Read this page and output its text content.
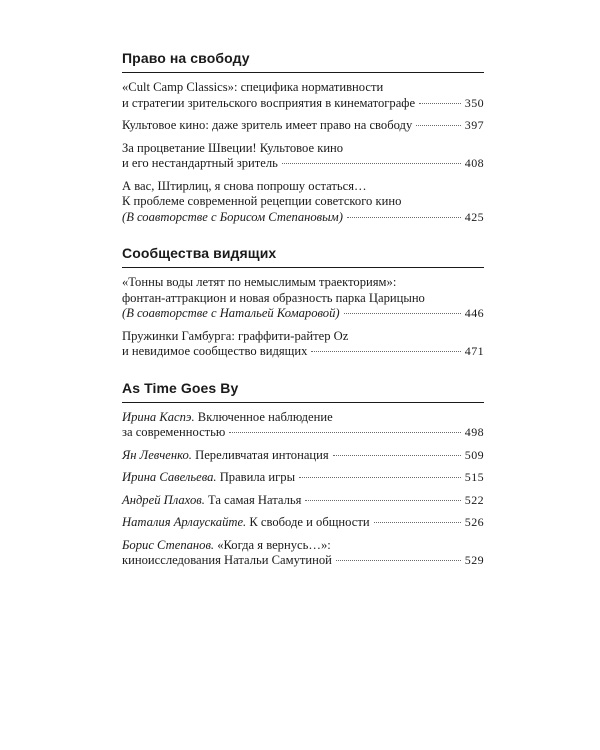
Право на свободу
«Cult Camp Classics»: специфика нормативности
и стратегии зрительского восприятия в кинематографе	350
Культовое кино: даже зритель имеет право на свободу	397
За процветание Швеции! Культовое кино
и его нестандартный зритель	408
А вас, Штирлиц, я снова попрошу остаться…
К проблеме современной рецепции советского кино
(В соавторстве с Борисом Степановым)	425
Сообщества видящих
«Тонны воды летят по немыслимым траекториям»:
фонтан-аттракцион и новая образность парка Царицыно
(В соавторстве с Натальей Комаровой)	446
Пружинки Гамбурга: граффити-райтер Oz
и невидимое сообщество видящих	471
As Time Goes By
Ирина Каспэ. Включенное наблюдение
за современностью	498
Ян Левченко. Переливчатая интонация	509
Ирина Савельева. Правила игры	515
Андрей Плахов. Та самая Наталья	522
Наталия Арлаускайте. К свободе и общности	526
Борис Степанов. «Когда я вернусь…»:
киноисследования Натальи Самутиной	529
